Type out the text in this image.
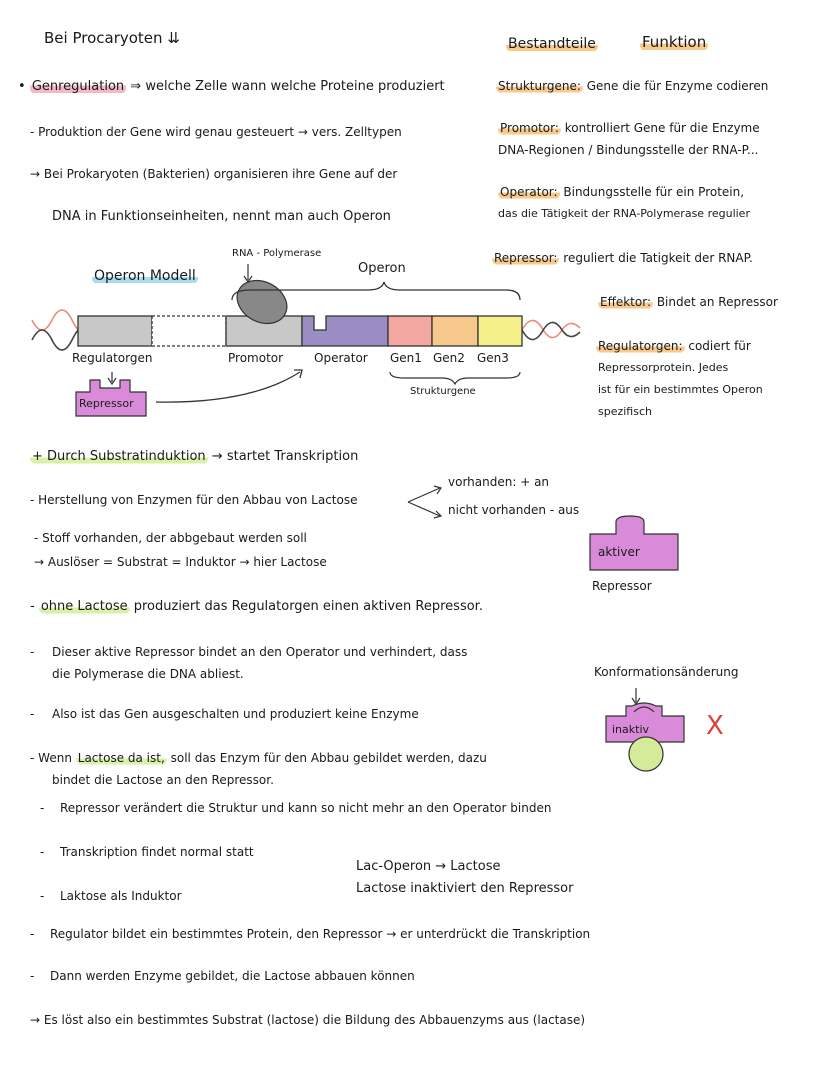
Bei Procaryoten ⇊	Bestandteile	Funktion
• Genregulation ⇒ welche Zelle wann welche Proteine produziert
- Produktion der Gene wird genau gesteuert → vers. Zelltypen
→ Bei Prokaryoten (Bakterien) organisieren ihre Gene auf der
DNA in Funktionseinheiten, nennt man auch Operon
Strukturgene: Gene die für Enzyme codieren
Promotor: kontrolliert Gene für die Enzyme
DNA-Regionen / Bindungsstelle der RNA-P...
Operator: Bindungsstelle für ein Protein,
das die Tätigkeit der RNA-Polymerase regulier
Repressor: reguliert die Tatigkeit der RNAP.
Effektor: Bindet an Repressor
Regulatorgen: codiert für
Repressorprotein. Jedes
ist für ein bestimmtes Operon
spezifisch
Operon Modell
RNA - Polymerase
Operon
Regulatorgen	Promotor	Operator Gen1 Gen2 Gen3
Strukturgene
Repressor
+ Durch Substratinduktion → startet Transkription
- Herstellung von Enzymen für den Abbau von Lactose
vorhanden: + an
nicht vorhanden - aus
- Stoff vorhanden, der abbgebaut werden soll
→ Auslöser = Substrat = Induktor → hier Lactose
aktiver
Repressor
- ohne Lactose produziert das Regulatorgen einen aktiven Repressor.
- Dieser aktive Repressor bindet an den Operator und verhindert, dass
die Polymerase die DNA abliest.	Konformationsänderung
inaktiv X
- Also ist das Gen ausgeschalten und produziert keine Enzyme
- Wenn Lactose da ist, soll das Enzym für den Abbau gebildet werden, dazu
bindet die Lactose an den Repressor.
- Repressor verändert die Struktur und kann so nicht mehr an den Operator binden
- Transkription findet normal statt
Lac-Operon → Lactose
Lactose inaktiviert den Repressor
- Laktose als Induktor
- Regulator bildet ein bestimmtes Protein, den Repressor → er unterdrückt die Transkription
- Dann werden Enzyme gebildet, die Lactose abbauen können
→ Es löst also ein bestimmtes Substrat (lactose) die Bildung des Abbauenzyms aus (lactase)
